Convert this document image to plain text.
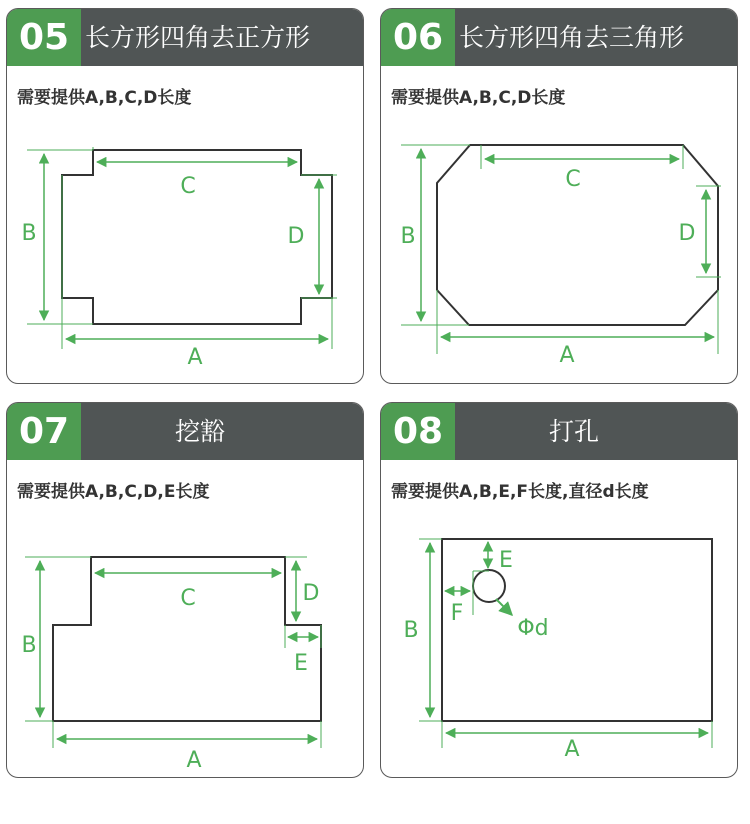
05 长方形四角去正方形
需要提供A,B,C,D长度
C
A
B	D
06 长方形四角去三角形
需要提供A,B,C,D长度
C
A
B	D
07	挖豁
需要提供A,B,C,D,E长度
C
A
B
D
E
08	打孔
需要提供A,B,E,F长度,直径d长度
E
F
Φd
A
B
